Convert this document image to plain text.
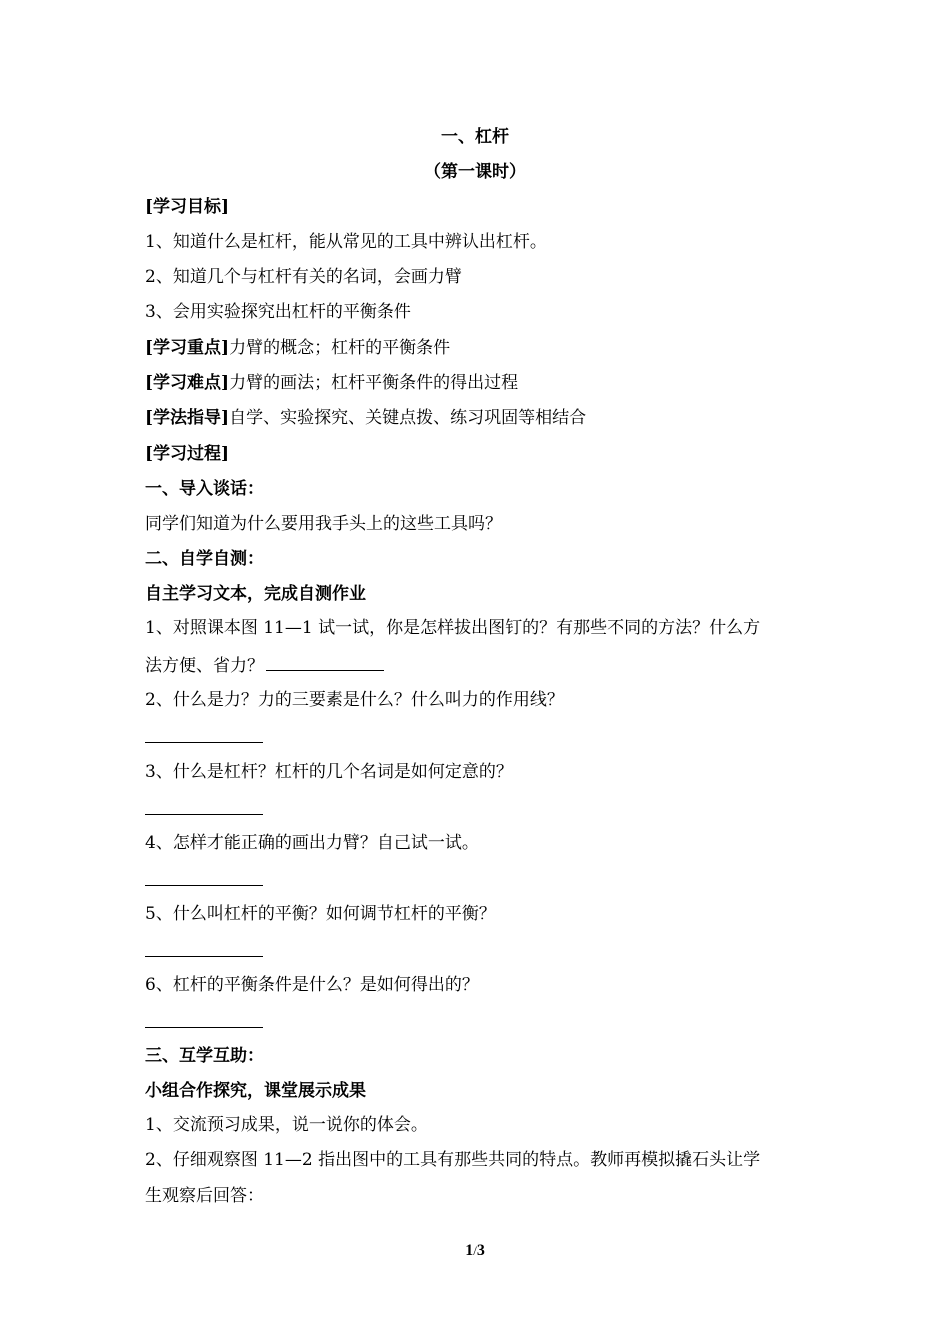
一、杠杆
（第一课时）
[学习目标]
1、知道什么是杠杆，能从常见的工具中辨认出杠杆。
2、知道几个与杠杆有关的名词，会画力臂
3、会用实验探究出杠杆的平衡条件
[学习重点]力臂的概念；杠杆的平衡条件
[学习难点]力臂的画法；杠杆平衡条件的得出过程
[学法指导]自学、实验探究、关键点拨、练习巩固等相结合
[学习过程]
一、导入谈话：
同学们知道为什么要用我手头上的这些工具吗？
二、自学自测：
自主学习文本，完成自测作业
1、对照课本图 11—1 试一试，你是怎样拔出图钉的？有那些不同的方法？什么方
法方便、省力？
2、什么是力？力的三要素是什么？什么叫力的作用线？
3、什么是杠杆？杠杆的几个名词是如何定意的？
4、怎样才能正确的画出力臂？自己试一试。
5、什么叫杠杆的平衡？如何调节杠杆的平衡？
6、杠杆的平衡条件是什么？是如何得出的？
三、互学互助：
小组合作探究，课堂展示成果
1、交流预习成果，说一说你的体会。
2、仔细观察图 11—2 指出图中的工具有那些共同的特点。教师再模拟撬石头让学
生观察后回答：
1/3
